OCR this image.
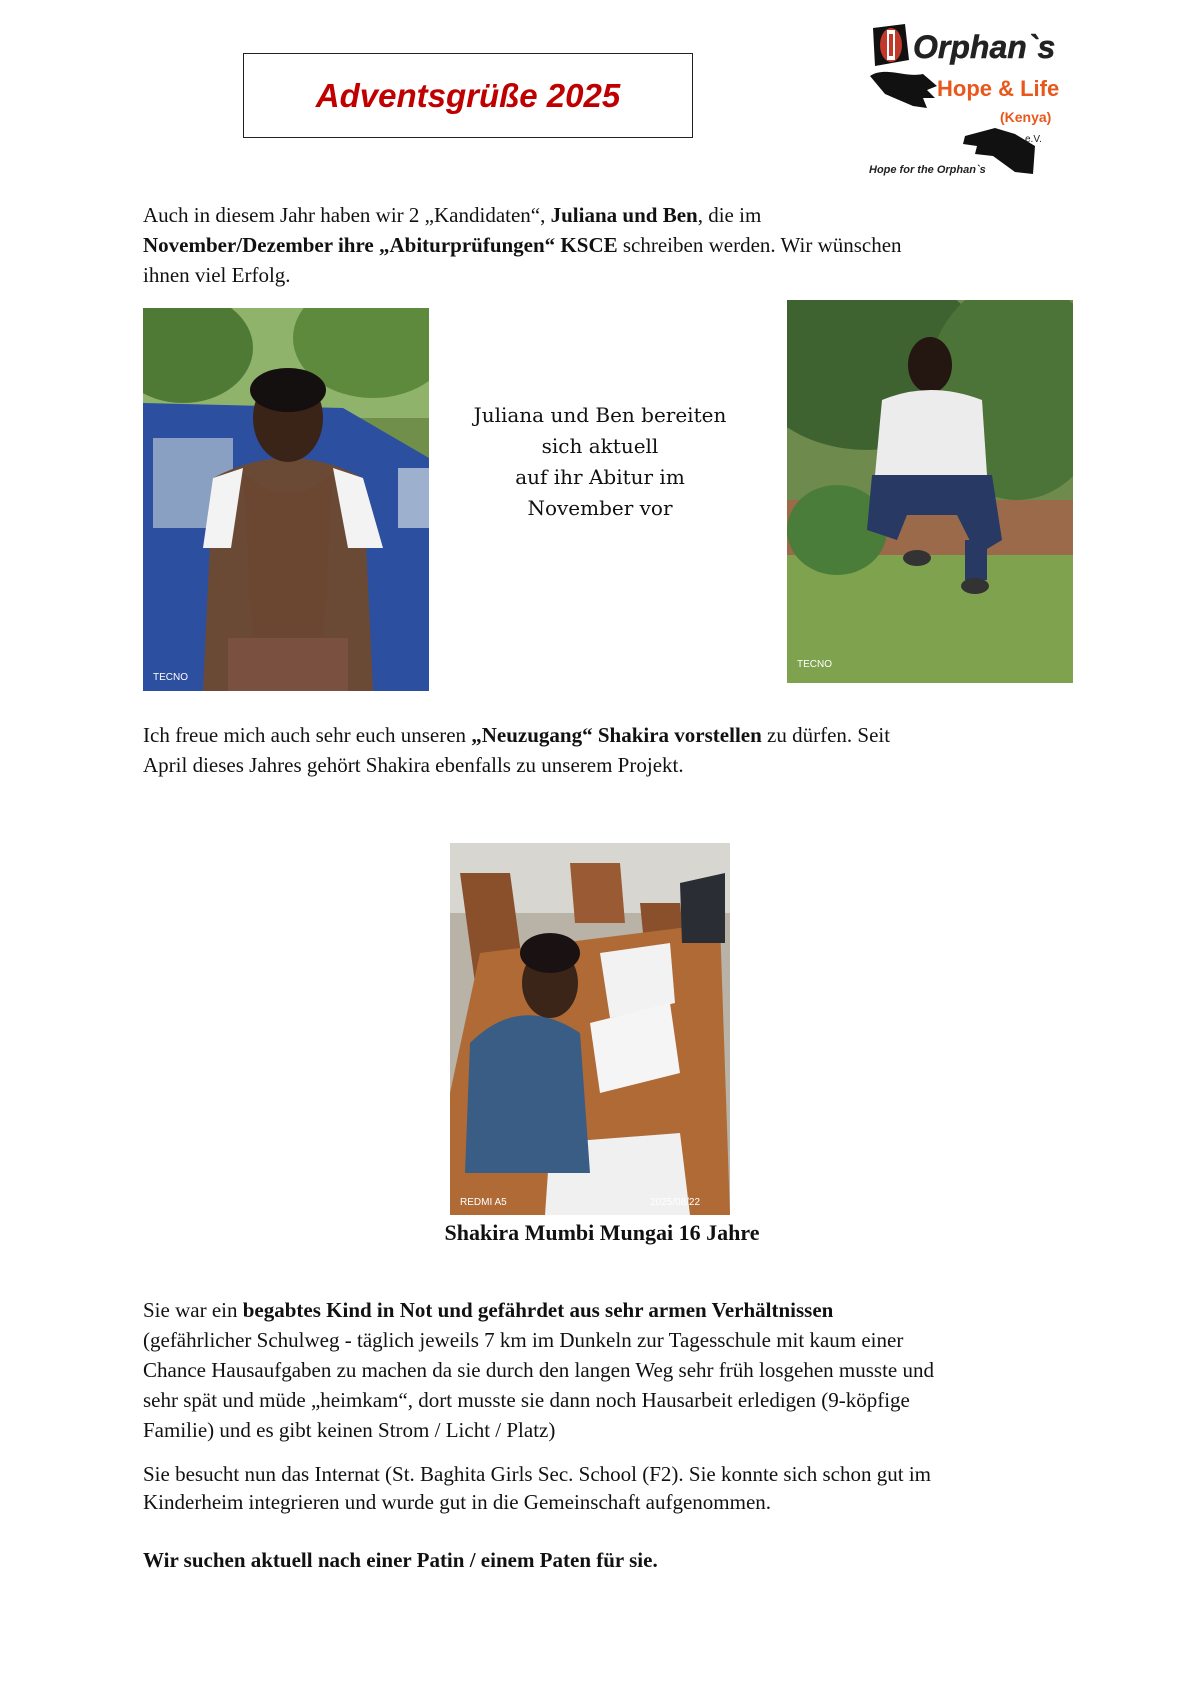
Adventsgrüße 2025
Orphan`s
Hope & Life
(Kenya)
e.V.
Hope for the Orphan`s
Auch in diesem Jahr haben wir 2 „Kandidaten“, Juliana und Ben, die im
November/Dezember ihre „Abiturprüfungen“ KSCE schreiben werden. Wir wünschen
ihnen viel Erfolg.
TECNO
Juliana und Ben bereiten
sich aktuell
auf ihr Abitur im
November vor
TECNO
Ich freue mich auch sehr euch unseren „Neuzugang“ Shakira vorstellen zu dürfen. Seit
April dieses Jahres gehört Shakira ebenfalls zu unserem Projekt.
REDMI A5	2025/08/22
Shakira Mumbi Mungai 16 Jahre
Sie war ein begabtes Kind in Not und gefährdet aus sehr armen Verhältnissen
(gefährlicher Schulweg - täglich jeweils 7 km im Dunkeln zur Tagesschule mit kaum einer
Chance Hausaufgaben zu machen da sie durch den langen Weg sehr früh losgehen musste und
sehr spät und müde „heimkam“, dort musste sie dann noch Hausarbeit erledigen (9-köpfige
Familie) und es gibt keinen Strom / Licht / Platz)
Sie besucht nun das Internat (St. Baghita Girls Sec. School (F2). Sie konnte sich schon gut im
Kinderheim integrieren und wurde gut in die Gemeinschaft aufgenommen.
Wir suchen aktuell nach einer Patin / einem Paten für sie.
